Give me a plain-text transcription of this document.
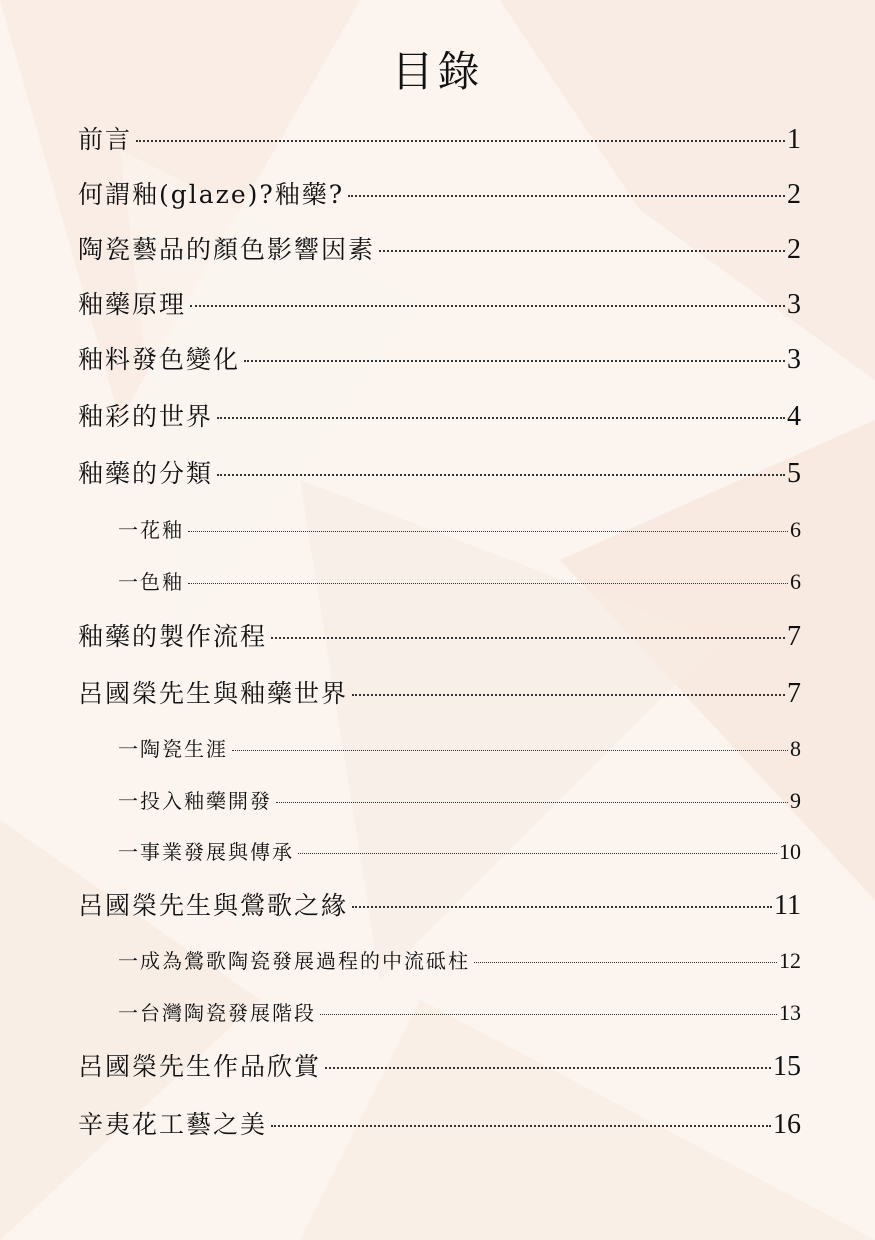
目錄
前言	1
何謂釉(glaze)?釉藥?	2
陶瓷藝品的顏色影響因素	2
釉藥原理	3
釉料發色變化	3
釉彩的世界	4
釉藥的分類	5
一花釉	6
一色釉	6
釉藥的製作流程	7
呂國榮先生與釉藥世界	7
一陶瓷生涯	8
一投入釉藥開發	9
一事業發展與傳承	10
呂國榮先生與鶯歌之緣	11
一成為鶯歌陶瓷發展過程的中流砥柱	12
一台灣陶瓷發展階段	13
呂國榮先生作品欣賞	15
辛夷花工藝之美	16
